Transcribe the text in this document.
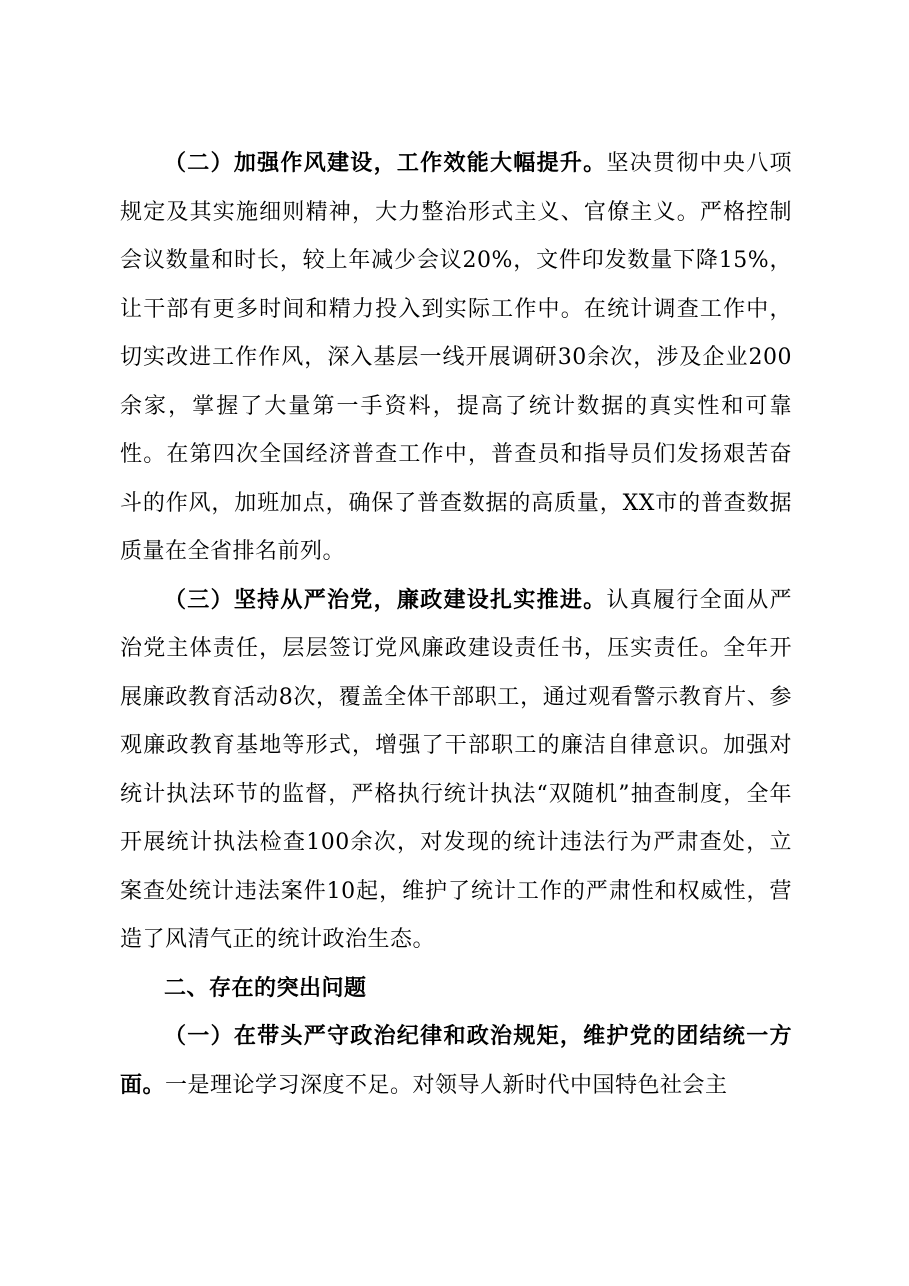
（二）加强作风建设，工作效能大幅提升。坚决贯彻中央八项规定及其实施细则精神，大力整治形式主义、官僚主义。严格控制会议数量和时长，较上年减少会议20%，文件印发数量下降15%，让干部有更多时间和精力投入到实际工作中。在统计调查工作中，切实改进工作作风，深入基层一线开展调研30余次，涉及企业200余家，掌握了大量第一手资料，提高了统计数据的真实性和可靠性。在第四次全国经济普查工作中，普查员和指导员们发扬艰苦奋斗的作风，加班加点，确保了普查数据的高质量，XX市的普查数据质量在全省排名前列。

（三）坚持从严治党，廉政建设扎实推进。认真履行全面从严治党主体责任，层层签订党风廉政建设责任书，压实责任。全年开展廉政教育活动8次，覆盖全体干部职工，通过观看警示教育片、参观廉政教育基地等形式，增强了干部职工的廉洁自律意识。加强对统计执法环节的监督，严格执行统计执法“双随机”抽查制度，全年开展统计执法检查100余次，对发现的统计违法行为严肃查处，立案查处统计违法案件10起，维护了统计工作的严肃性和权威性，营造了风清气正的统计政治生态。

二、存在的突出问题

（一）在带头严守政治纪律和政治规矩，维护党的团结统一方面。一是理论学习深度不足。对领导人新时代中国特色社会主
